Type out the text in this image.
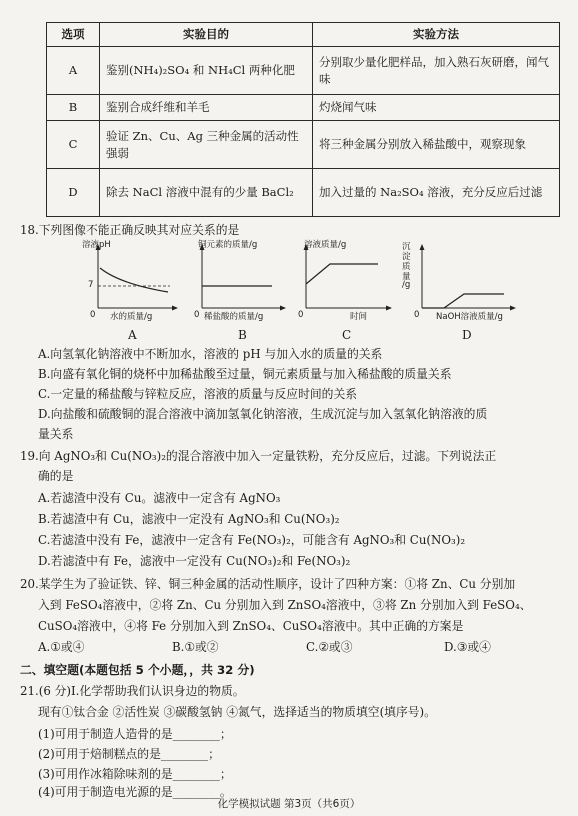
选项	实验目的	实验方法
A	鉴别(NH₄)₂SO₄ 和 NH₄Cl 两种化肥	分别取少量化肥样品，加入熟石灰研磨，闻气味
B	鉴别合成纤维和羊毛	灼烧闻气味
C	验证 Zn、Cu、Ag 三种金属的活动性强弱	将三种金属分别放入稀盐酸中，观察现象
D	除去 NaCl 溶液中混有的少量 BaCl₂	加入过量的 Na₂SO₄ 溶液，充分反应后过滤
18.下列图像不能正确反映其对应关系的是
溶液pH
7
0 水的质量/g
A
铜元素的质量/g
0 稀盐酸的质量/g
B
溶液质量/g
0	时间
C
沉
淀
质
量
/g
0 NaOH溶液质量/g
D
A.向氢氧化钠溶液中不断加水，溶液的 pH 与加入水的质量的关系
B.向盛有氧化铜的烧杯中加稀盐酸至过量，铜元素质量与加入稀盐酸的质量关系
C.一定量的稀盐酸与锌粒反应，溶液的质量与反应时间的关系
D.向盐酸和硫酸铜的混合溶液中滴加氢氧化钠溶液，生成沉淀与加入氢氧化钠溶液的质
量关系
19.向 AgNO₃和 Cu(NO₃)₂的混合溶液中加入一定量铁粉，充分反应后，过滤。下列说法正
确的是
A.若滤渣中没有 Cu。滤液中一定含有 AgNO₃
B.若滤渣中有 Cu，滤液中一定没有 AgNO₃和 Cu(NO₃)₂
C.若滤渣中没有 Fe，滤液中一定含有 Fe(NO₃)₂，可能含有 AgNO₃和 Cu(NO₃)₂
D.若滤渣中有 Fe，滤液中一定没有 Cu(NO₃)₂和 Fe(NO₃)₂
20.某学生为了验证铁、锌、铜三种金属的活动性顺序，设计了四种方案：①将 Zn、Cu 分别加
入到 FeSO₄溶液中，②将 Zn、Cu 分别加入到 ZnSO₄溶液中，③将 Zn 分别加入到 FeSO₄、
CuSO₄溶液中，④将 Fe 分别加入到 ZnSO₄、CuSO₄溶液中。其中正确的方案是
A.①或④	B.①或②	C.②或③	D.③或④
二、填空题(本题包括 5 个小题，，共 32 分)
21.(6 分)Ⅰ.化学帮助我们认识身边的物质。
现有①钛合金 ②活性炭 ③碳酸氢钠 ④氮气，选择适当的物质填空(填序号)。
(1)可用于制造人造骨的是________；
(2)可用于焙制糕点的是________；
(3)可用作冰箱除味剂的是________；
(4)可用于制造电光源的是________。
化学模拟试题 第3页（共6页）
